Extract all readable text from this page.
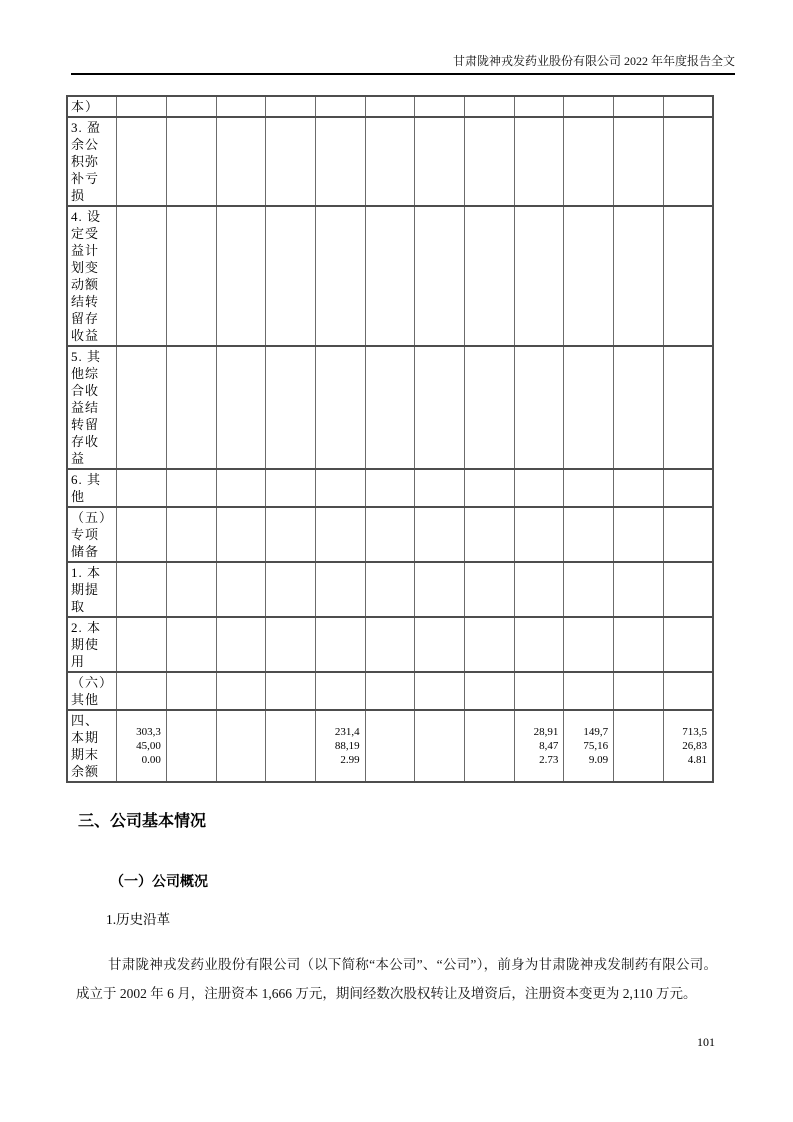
甘肃陇神戎发药业股份有限公司 2022 年年度报告全文
本）	

3. 盈余公积弥补亏损	

4. 设定受益计划变动额结转留存收益	

5. 其他综合收益结转留存收益	

6. 其他	

（五）专项储备	

1. 本期提取	

2. 本期使用	

（六）其他	

四、本期期末余额	303,345,000.00				231,488,192.99				28,918,472.73	149,775,169.09		713,526,834.81
三、公司基本情况
（一）公司概况
1.历史沿革

甘肃陇神戎发药业股份有限公司（以下简称“本公司”、“公司”），前身为甘肃陇神戎发制药有限公司。成立于 2002 年 6 月，注册资本 1,666 万元，期间经数次股权转让及增资后，注册资本变更为 2,110 万元。

101
